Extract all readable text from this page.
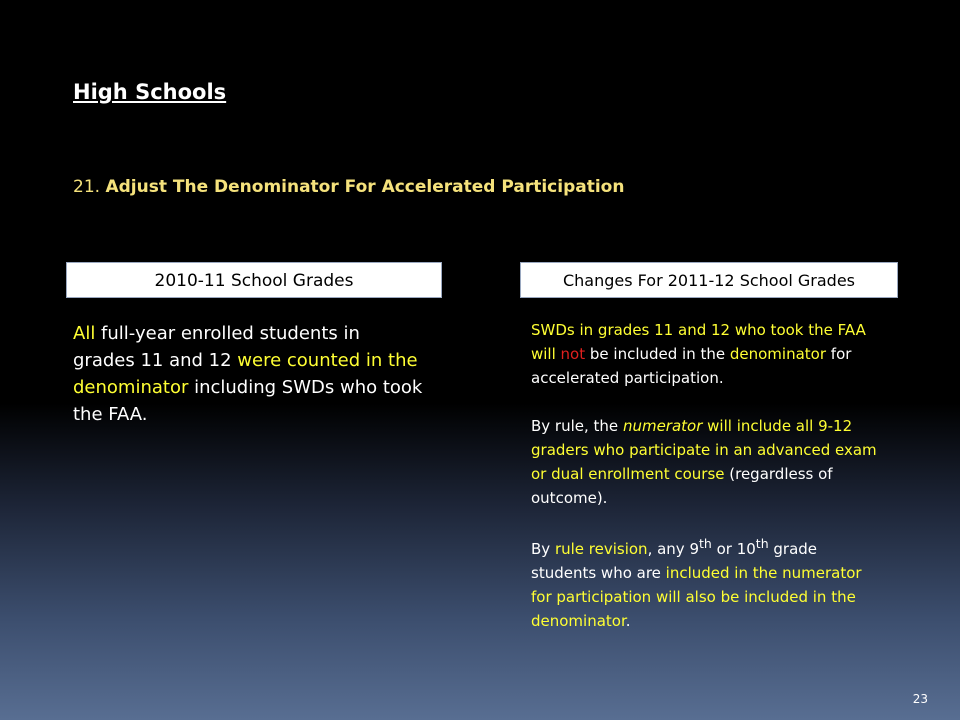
High Schools
21. Adjust The Denominator For Accelerated Participation
2010-11 School Grades	Changes For 2011-12 School Grades
All full-year enrolled students in grades 11 and 12 were counted in the denominator including SWDs who took the FAA.

SWDs in grades 11 and 12 who took the FAA will not be included in the denominator for accelerated participation.

By rule, the numerator will include all 9-12 graders who participate in an advanced exam or dual enrollment course (regardless of outcome).

By rule revision, any 9th or 10th grade students who are included in the numerator for participation will also be included in the denominator.

23
